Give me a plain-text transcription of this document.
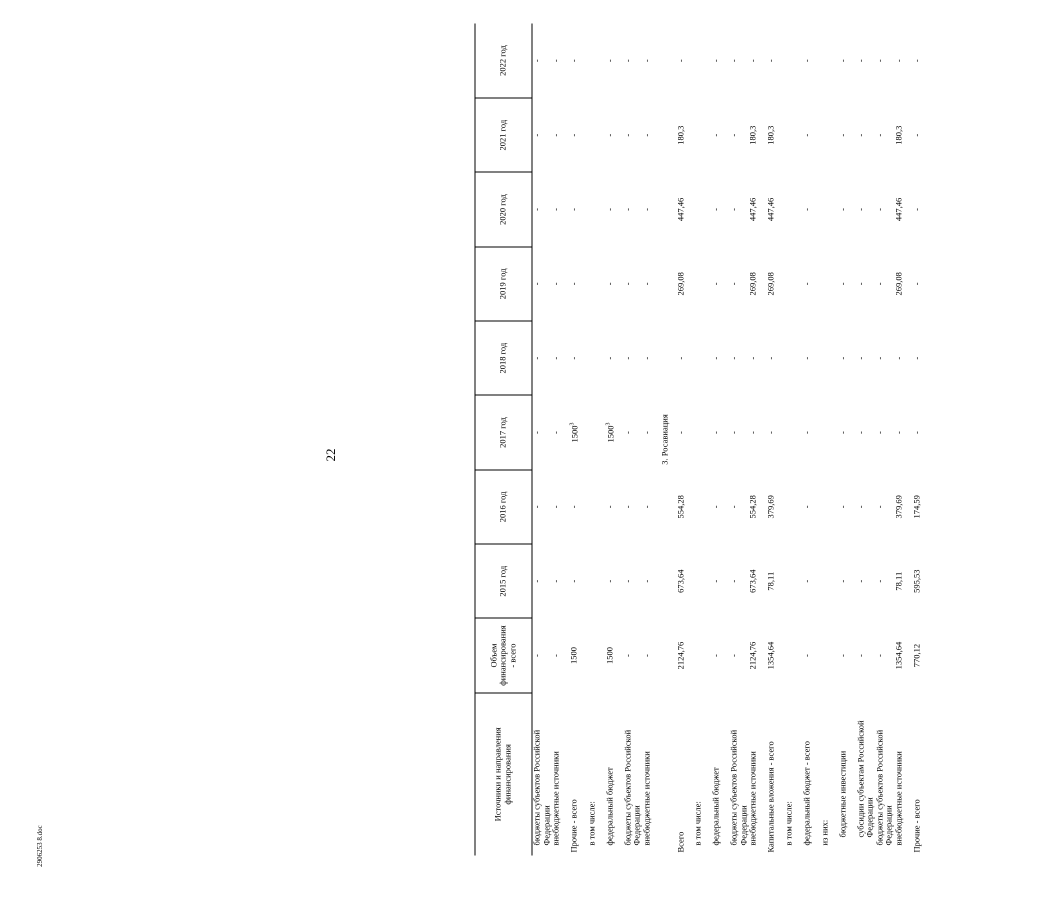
22
Источники и направления финансирования	Объем финансирования - всего	2015 год	2016 год	2017 год	2018 год	2019 год	2020 год	2021 год	2022 год
бюджеты субъектов Российской Федерации	-	-	-	-	-	-	-	-	-
внебюджетные источники	-	-	-	-	-	-	-	-	-
Прочие - всего	1500	-	-	1500$^3$	-	-	-	-	-
в том числе:									
федеральный бюджет	1500	-	-	1500$^3$	-	-	-	-	-
бюджеты субъектов Российской Федерации	-	-	-	-	-	-	-	-	-
внебюджетные источники	-	-	-	-	-	-	-	-	-
3. Росавиация									
Всего	2124,76	673,64	554,28	-	-	269,08	447,46	180,3	-
в том числе:									
федеральный бюджет	-	-	-	-	-	-	-	-	-
бюджеты субъектов Российской Федерации	-	-	-	-	-	-	-	-	-
внебюджетные источники	2124,76	673,64	554,28	-	-	269,08	447,46	180,3	-
Капитальные вложения - всего	1354,64	78,11	379,69	-	-	269,08	447,46	180,3	-
в том числе:									
федеральный бюджет - всего	-	-	-	-	-	-	-	-	-
из них:									
бюджетные инвестиции	-	-	-	-	-	-	-	-	-
субсидии субъектам Российской Федерации	-	-	-	-	-	-	-	-	-
бюджеты субъектов Российской Федерации	-	-	-	-	-	-	-	-	-
внебюджетные источники	1354,64	78,11	379,69	-	-	269,08	447,46	180,3	-
Прочие - всего	770,12	595,53	174,59	-	-	-	-	-	-
2906253 8.doc
